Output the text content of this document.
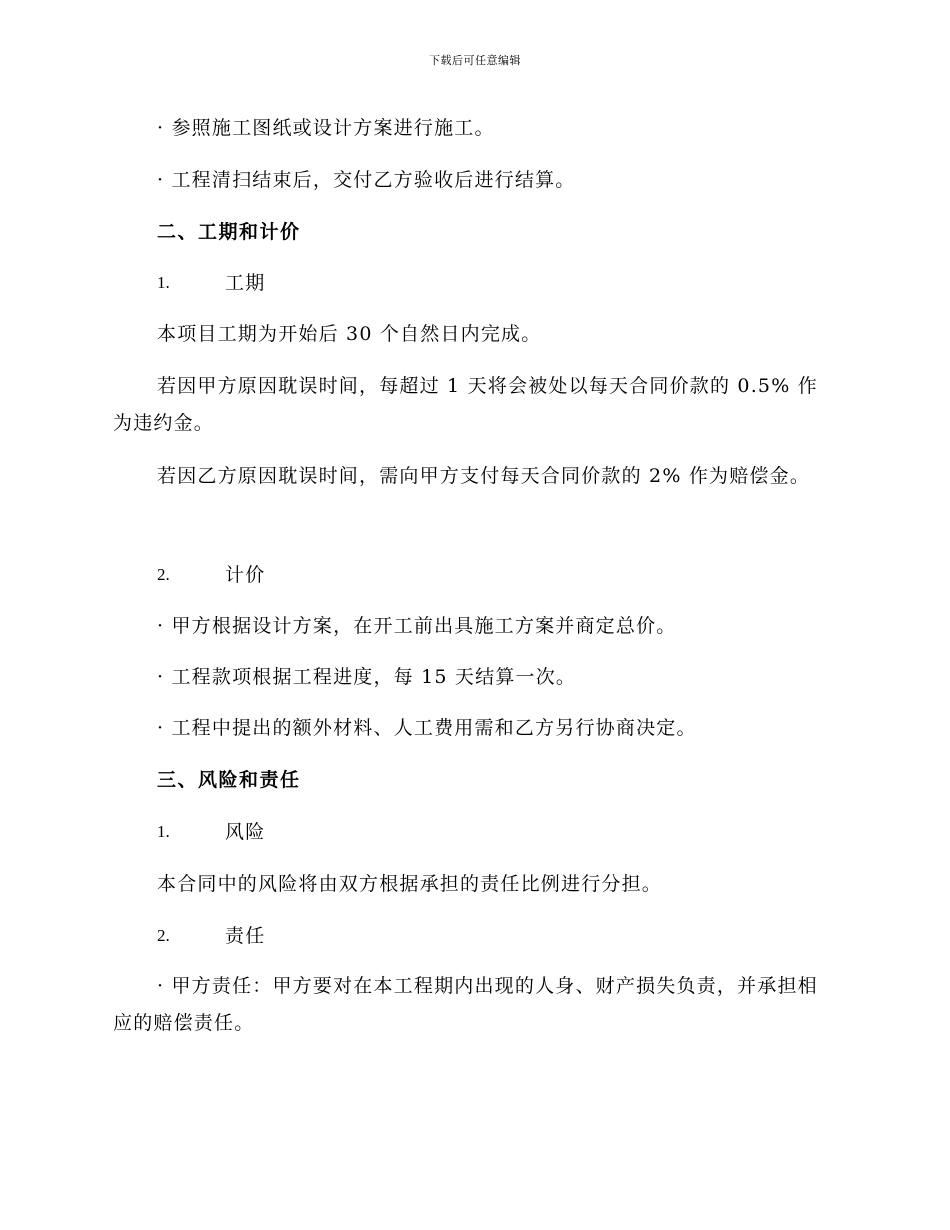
下载后可任意编辑
· 参照施工图纸或设计方案进行施工。
· 工程清扫结束后，交付乙方验收后进行结算。
二、工期和计价
1.	工期
本项目工期为开始后 30 个自然日内完成。
若因甲方原因耽误时间，每超过 1 天将会被处以每天合同价款的 0.5% 作为违约金。
若因乙方原因耽误时间，需向甲方支付每天合同价款的 2% 作为赔偿金。
2.	计价
· 甲方根据设计方案，在开工前出具施工方案并商定总价。
· 工程款项根据工程进度，每 15 天结算一次。
· 工程中提出的额外材料、人工费用需和乙方另行协商决定。
三、风险和责任
1.	风险
本合同中的风险将由双方根据承担的责任比例进行分担。
2.	责任
· 甲方责任：甲方要对在本工程期内出现的人身、财产损失负责，并承担相应的赔偿责任。
